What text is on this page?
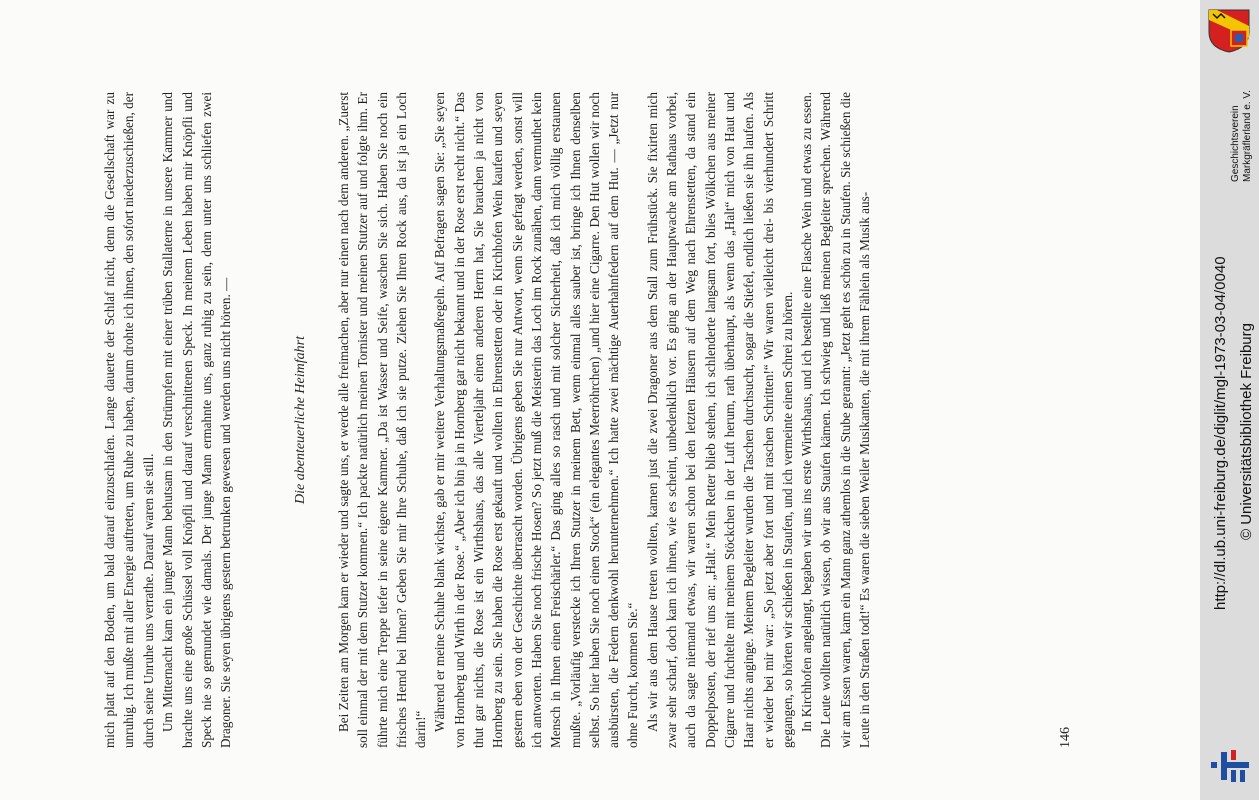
mich platt auf den Boden, um bald darauf einzuschlafen. Lange dauerte der Schlaf nicht, denn die Gesellschaft war zu unruhig. Ich mußte mit aller Energie auftreten, um Ruhe zu haben, darum drohte ich ihnen, den sofort niederzuschießen, der durch seine Unruhe uns verrathe. Darauf waren sie still. Um Mitternacht kam ein junger Mann behutsam in den Strümpfen mit einer trüben Stallaterne in unsere Kammer und brachte uns eine große Schüssel voll Knöpfli und darauf verschnittenen Speck. In meinem Leben haben mir Knöpfli und Speck nie so gemundet wie damals. Der junge Mann ermahnte uns, ganz ruhig zu sein, denn unter uns schliefen zwei Dragoner. Sie seyen übrigens gestern betrunken gewesen und werden uns nicht hören. —	Die abenteuerliche Heimfahrt Bei Zeiten am Morgen kam er wieder und sagte uns, er werde alle freimachen, aber nur einen nach dem anderen. „Zuerst soll einmal der mit dem Stutzer kommen.“ Ich packte natürlich meinen Tornister und meinen Stutzer auf und folgte ihm. Er führte mich eine Treppe tiefer in seine eigene Kammer. „Da ist Wasser und Seife, waschen Sie sich. Haben Sie noch ein frisches Hemd bei Ihnen? Geben Sie mir Ihre Schuhe, daß ich sie putze. Ziehen Sie Ihren Rock aus, da ist ja ein Loch darin!“ Während er meine Schuhe blank wichste, gab er mir weitere Verhaltungsmaßregeln. Auf Befragen sagen Sie: „Sie seyen von Hornberg und Wirth in der Rose.“ „Aber ich bin ja in Hornberg gar nicht bekannt und in der Rose erst recht nicht.“ Das thut gar nichts, die Rose ist ein Wirthshaus, das alle Vierteljahr einen anderen Herrn hat, Sie brauchen ja nicht von Hornberg zu sein. Sie haben die Rose erst gekauft und wollten in Ehrenstetten oder in Kirchhofen Wein kaufen und seyen gestern eben von der Geschichte überrascht worden. Übrigens geben Sie nur Antwort, wenn Sie gefragt werden, sonst will ich antworten. Haben Sie noch frische Hosen? So jetzt muß die Meisterin das Loch im Rock zunähen, dann vermuthet kein Mensch in Ihnen einen Freischärler.“ Das ging alles so rasch und mit solcher Sicherheit, daß ich mich völlig erstaunen mußte. „Vorläufig verstecke ich Ihren Stutzer in meinem Bett, wenn einmal alles sauber ist, bringe ich Ihnen denselben selbst. So hier haben Sie noch einen Stock“ (ein elegantes Meerröhrchen) „und hier eine Cigarre. Den Hut wollen wir noch ausbürsten, die Federn denkwohl herunternehmen.“ Ich hatte zwei mächtige Auerhahnfedern auf dem Hut. — „Jetzt nur ohne Furcht, kommen Sie.“ Als wir aus dem Hause treten wollten, kamen just die zwei Dragoner aus dem Stall zum Frühstück. Sie fixirten mich zwar sehr scharf, doch kam ich ihnen, wie es scheint, unbedenklich vor. Es ging an der Hauptwache am Rathaus vorbei, auch da sagte niemand etwas, wir waren schon bei den letzten Häusern auf dem Weg nach Ehrenstetten, da stand ein Doppelposten, der rief uns an: „Halt.“ Mein Retter blieb stehen, ich schlenderte langsam fort, blies Wölkchen aus meiner Cigarre und fuchtelte mit meinem Stöckchen in der Luft herum, rath überhaupt, als wenn das „Halt“ mich von Haut und Haar nichts anginge. Meinem Begleiter wurden die Taschen durchsucht, sogar die Stiefel, endlich ließen sie ihn laufen. Als er wieder bei mir war: „So jetzt aber fort und mit raschen Schritten!“ Wir waren vielleicht drei- bis vierhundert Schritt gegangen, so hörten wir schießen in Staufen, und ich vermeinte einen Schrei zu hören. In Kirchhofen angelangt, begaben wir uns ins erste Wirthshaus, und ich bestellte eine Flasche Wein und etwas zu essen. Die Leute wollten natürlich wissen, ob wir aus Staufen kämen. Ich schwieg und ließ meinen Begleiter sprechen. Während wir am Essen waren, kam ein Mann ganz athemlos in die Stube gerannt: „Jetzt geht es schön zu in Staufen. Sie schießen die Leute in den Straßen todt!“ Es waren die sieben Weiler Musikanten, die mit ihrem Fählein als Musik aus-	146
http://dl.ub.uni-freiburg.de/diglit/mgl-1973-03-04/0040 © Universitätsbibliothek Freiburg
Geschichtsverein Markgräflerland e. V.
